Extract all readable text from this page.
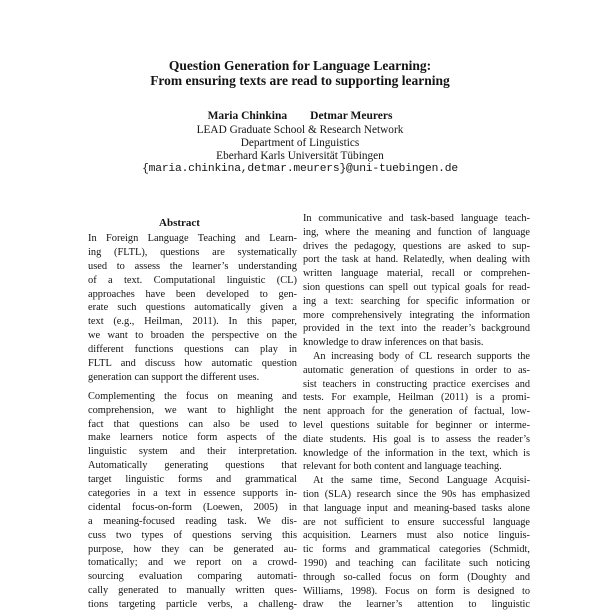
Question Generation for Language Learning:
From ensuring texts are read to supporting learning
Maria Chinkina Detmar Meurers
LEAD Graduate School & Research Network
Department of Linguistics
Eberhard Karls Universität Tübingen
{maria.chinkina,detmar.meurers}@uni-tuebingen.de
Abstract
In Foreign Language Teaching and Learn-
ing (FLTL), questions are systematically
used to assess the learner’s understanding
of a text. Computational linguistic (CL)
approaches have been developed to gen-
erate such questions automatically given a
text (e.g., Heilman, 2011). In this paper,
we want to broaden the perspective on the
different functions questions can play in
FLTL and discuss how automatic question
generation can support the different uses.
Complementing the focus on meaning and
comprehension, we want to highlight the
fact that questions can also be used to
make learners notice form aspects of the
linguistic system and their interpretation.
Automatically generating questions that
target linguistic forms and grammatical
categories in a text in essence supports in-
cidental focus-on-form (Loewen, 2005) in
a meaning-focused reading task. We dis-
cuss two types of questions serving this
purpose, how they can be generated au-
tomatically; and we report on a crowd-
sourcing evaluation comparing automati-
cally generated to manually written ques-
tions targeting particle verbs, a challeng-
In communicative and task-based language teach-
ing, where the meaning and function of language
drives the pedagogy, questions are asked to sup-
port the task at hand. Relatedly, when dealing with
written language material, recall or comprehen-
sion questions can spell out typical goals for read-
ing a text: searching for specific information or
more comprehensively integrating the information
provided in the text into the reader’s background
knowledge to draw inferences on that basis.
An increasing body of CL research supports the
automatic generation of questions in order to as-
sist teachers in constructing practice exercises and
tests. For example, Heilman (2011) is a promi-
nent approach for the generation of factual, low-
level questions suitable for beginner or interme-
diate students. His goal is to assess the reader’s
knowledge of the information in the text, which is
relevant for both content and language teaching.
At the same time, Second Language Acquisi-
tion (SLA) research since the 90s has emphasized
that language input and meaning-based tasks alone
are not sufficient to ensure successful language
acquisition. Learners must also notice linguis-
tic forms and grammatical categories (Schmidt,
1990) and teaching can facilitate such noticing
through so-called focus on form (Doughty and
Williams, 1998). Focus on form is designed to
draw the learner’s attention to linguistic
